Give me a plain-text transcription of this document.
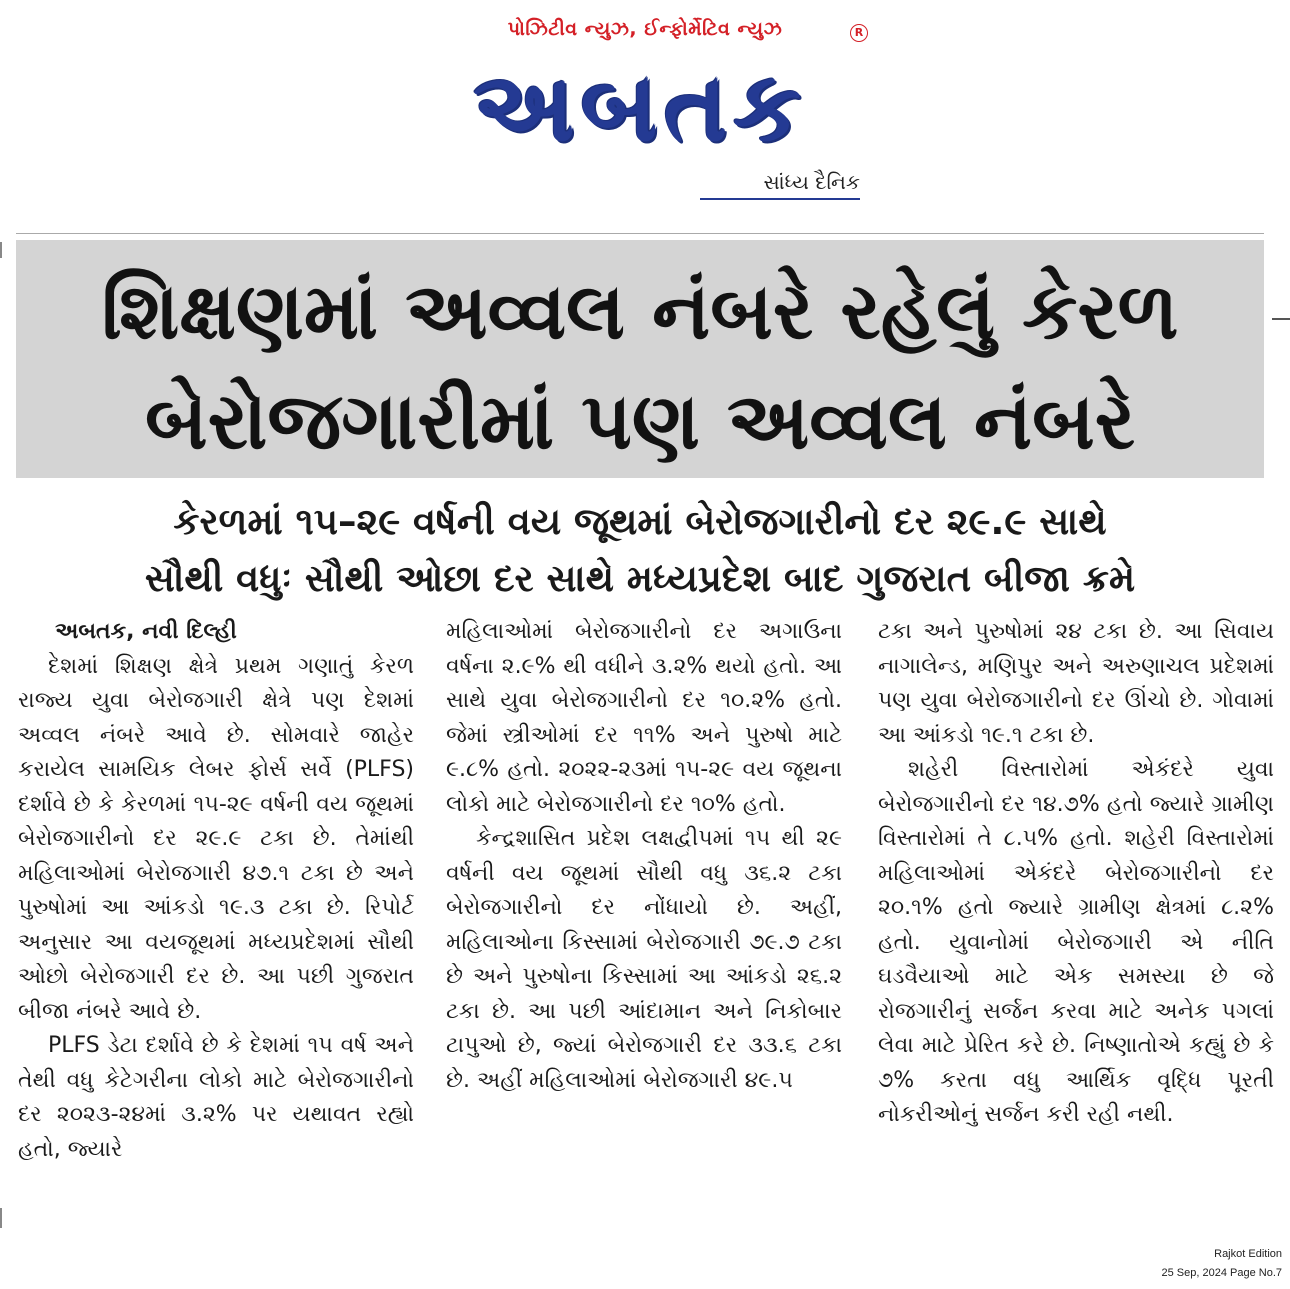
પોઝિટીવ ન્યુઝ, ઈન્ફોર્મેટિવ ન્યુઝ
અબતક
R
સાંધ્ય દૈનિક
શિક્ષણમાં અવ્વલ નંબરે રહેલું કેરળ
બેરોજગારીમાં પણ અવ્વલ નંબરે
કેરળમાં ૧૫–૨૯ વર્ષની વય જૂથમાં બેરોજગારીનો દર ૨૯.૯ સાથે
સૌથી વધુઃ સૌથી ઓછા દર સાથે મધ્યપ્રદેશ બાદ ગુજરાત બીજા ક્રમે

અબતક, નવી દિલ્હી

દેશમાં શિક્ષણ ક્ષેત્રે પ્રથમ ગણાતું કેરળ રાજ્ય યુવા બેરોજગારી ક્ષેત્રે પણ દેશમાં અવ્વલ નંબરે આવે છે. સોમવારે જાહેર કરાયેલ સામયિક લેબર ફોર્સ સર્વે (PLFS) દર્શાવે છે કે કેરળમાં ૧૫-૨૯ વર્ષની વય જૂથમાં બેરોજગારીનો દર ૨૯.૯ ટકા છે. તેમાંથી મહિલાઓમાં બેરોજગારી ૪૭.૧ ટકા છે અને પુરુષોમાં આ આંકડો ૧૯.૩ ટકા છે. રિપોર્ટ અનુસાર આ વયજૂથમાં મધ્યપ્રદેશમાં સૌથી ઓછો બેરોજગારી દર છે. આ પછી ગુજરાત બીજા નંબરે આવે છે.

PLFS ડેટા દર્શાવે છે કે દેશમાં ૧૫ વર્ષ અને તેથી વધુ કેટેગરીના લોકો માટે બેરોજગારીનો દર ૨૦૨૩-૨૪માં ૩.૨% પર યથાવત રહ્યો હતો, જ્યારે

મહિલાઓમાં બેરોજગારીનો દર અગાઉના વર્ષના ૨.૯% થી વધીને ૩.૨% થયો હતો. આ સાથે યુવા બેરોજગારીનો દર ૧૦.૨% હતો. જેમાં સ્ત્રીઓમાં દર ૧૧% અને પુરુષો માટે ૯.૮% હતો. ૨૦૨૨-૨૩માં ૧૫-૨૯ વય જૂથના લોકો માટે બેરોજગારીનો દર ૧૦% હતો.

કેન્દ્રશાસિત પ્રદેશ લક્ષદ્વીપમાં ૧૫ થી ૨૯ વર્ષની વય જૂથમાં સૌથી વધુ ૩૬.૨ ટકા બેરોજગારીનો દર નોંધાયો છે. અહીં, મહિલાઓના કિસ્સામાં બેરોજગારી ૭૯.૭ ટકા છે અને પુરુષોના કિસ્સામાં આ આંકડો ૨૬.૨ ટકા છે. આ પછી આંદામાન અને નિકોબાર ટાપુઓ છે, જ્યાં બેરોજગારી દર ૩૩.૬ ટકા છે. અહીં મહિલાઓમાં બેરોજગારી ૪૯.૫

ટકા અને પુરુષોમાં ૨૪ ટકા છે. આ સિવાય નાગાલેન્ડ, મણિપુર અને અરુણાચલ પ્રદેશમાં પણ યુવા બેરોજગારીનો દર ઊંચો છે. ગોવામાં આ આંકડો ૧૯.૧ ટકા છે.

શહેરી વિસ્તારોમાં એકંદરે યુવા બેરોજગારીનો દર ૧૪.૭% હતો જ્યારે ગ્રામીણ વિસ્તારોમાં તે ૮.૫% હતો. શહેરી વિસ્તારોમાં મહિલાઓમાં એકંદરે બેરોજગારીનો દર ૨૦.૧% હતો જ્યારે ગ્રામીણ ક્ષેત્રમાં ૮.૨% હતો. યુવાનોમાં બેરોજગારી એ નીતિ ઘડવૈયાઓ માટે એક સમસ્યા છે જે રોજગારીનું સર્જન કરવા માટે અનેક પગલાં લેવા માટે પ્રેરિત કરે છે. નિષ્ણાતોએ કહ્યું છે કે ૭% કરતા વધુ આર્થિક વૃદ્ધિ પૂરતી નોકરીઓનું સર્જન કરી રહી નથી.

Rajkot Edition
25 Sep, 2024 Page No.7
